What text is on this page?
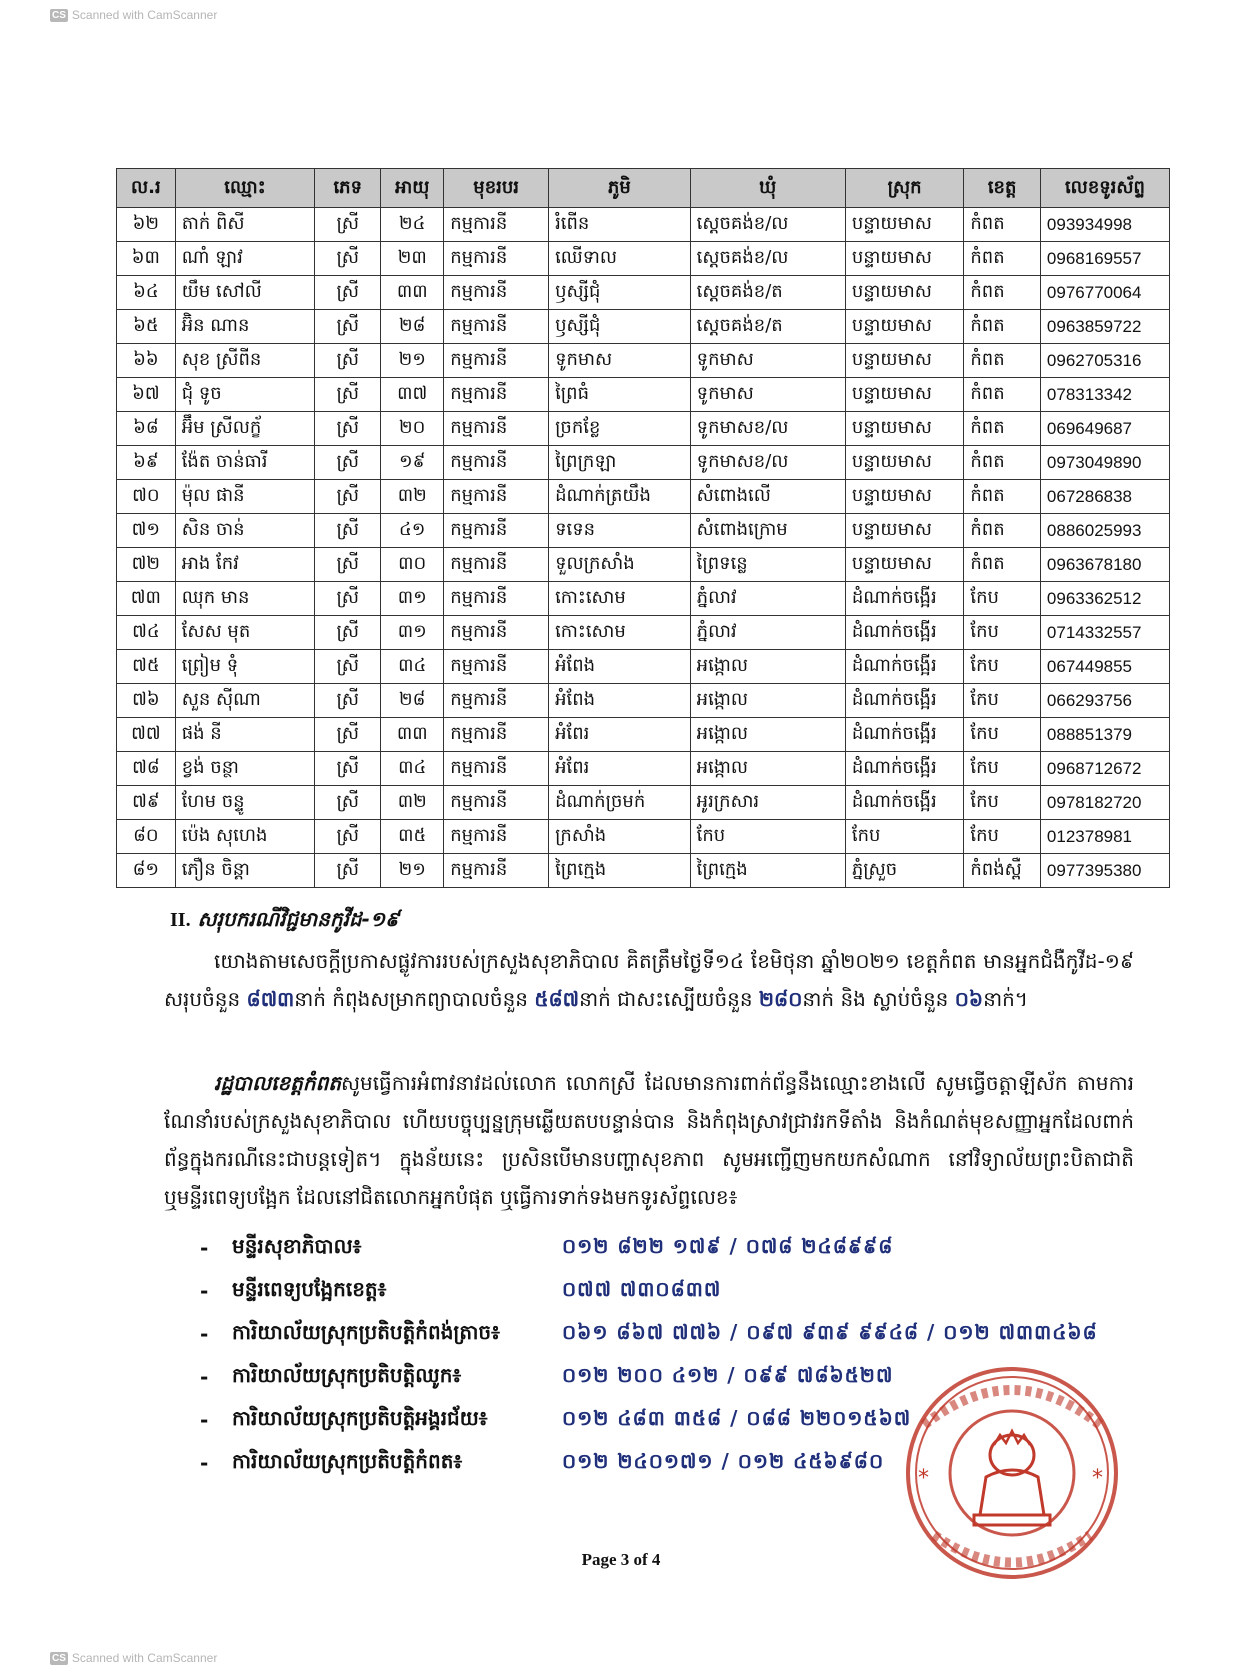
CS Scanned with CamScanner
ល.រ	ឈ្មោះ	ភេទ	អាយុ	មុខរបរ	ភូមិ	ឃុំ	ស្រុក	ខេត្ត	លេខទូរស័ព្ទ
៦២	តាក់ ពិសី	ស្រី	២៤	កម្មការនី	រំពើន	ស្តេចគង់ខ/ល	បន្ទាយមាស	កំពត	093934998
៦៣	ណាំ ឡាវ	ស្រី	២៣	កម្មការនី	ឈើទាល	ស្តេចគង់ខ/ល	បន្ទាយមាស	កំពត	0968169557
៦៤	យឹម សៅលី	ស្រី	៣៣	កម្មការនី	ឫស្សីជុំ	ស្តេចគង់ខ/ត	បន្ទាយមាស	កំពត	0976770064
៦៥	អ៊ិន ណាន	ស្រី	២៨	កម្មការនី	ឫស្សីជុំ	ស្តេចគង់ខ/ត	បន្ទាយមាស	កំពត	0963859722
៦៦	សុខ ស្រីពីន	ស្រី	២១	កម្មការនី	ទូកមាស	ទូកមាស	បន្ទាយមាស	កំពត	0962705316
៦៧	ជុំ ទូច	ស្រី	៣៧	កម្មការនី	ព្រៃធំ	ទូកមាស	បន្ទាយមាស	កំពត	078313342
៦៨	អ៊ឹម ស្រីលក្ខ័	ស្រី	២០	កម្មការនី	ច្រកខ្លែ	ទូកមាសខ/ល	បន្ទាយមាស	កំពត	069649687
៦៩	ង៉ែត ចាន់ធារី	ស្រី	១៩	កម្មការនី	ព្រៃក្រឡា	ទូកមាសខ/ល	បន្ទាយមាស	កំពត	0973049890
៧០	ម៉ុល ផានី	ស្រី	៣២	កម្មការនី	ដំណាក់ត្រយឹង	សំពោងលើ	បន្ទាយមាស	កំពត	067286838
៧១	សិន ចាន់	ស្រី	៤១	កម្មការនី	ទទេន	សំពោងក្រោម	បន្ទាយមាស	កំពត	0886025993
៧២	អាង កែវ	ស្រី	៣០	កម្មការនី	ទួលក្រសាំង	ព្រៃទន្លេ	បន្ទាយមាស	កំពត	0963678180
៧៣	ឈុក មាន	ស្រី	៣១	កម្មការនី	កោះសោម	ភ្នំលាវ	ដំណាក់ចង្អើរ	កែប	0963362512
៧៤	សែស មុត	ស្រី	៣១	កម្មការនី	កោះសោម	ភ្នំលាវ	ដំណាក់ចង្អើរ	កែប	0714332557
៧៥	ព្រៀម ទុំ	ស្រី	៣៤	កម្មការនី	អំពែង	អង្កោល	ដំណាក់ចង្អើរ	កែប	067449855
៧៦	សួន ស៊ីណា	ស្រី	២៨	កម្មការនី	អំពែង	អង្កោល	ដំណាក់ចង្អើរ	កែប	066293756
៧៧	ផង់ នី	ស្រី	៣៣	កម្មការនី	អំពែរ	អង្កោល	ដំណាក់ចង្អើរ	កែប	088851379
៧៨	ខ្វង់ ចន្ថា	ស្រី	៣៤	កម្មការនី	អំពែរ	អង្កោល	ដំណាក់ចង្អើរ	កែប	0968712672
៧៩	ហែម ចន្ទូ	ស្រី	៣២	កម្មការនី	ដំណាក់ច្រមក់	អូរក្រសារ	ដំណាក់ចង្អើរ	កែប	0978182720
៨០	ប៉េង សុហេង	ស្រី	៣៥	កម្មការនី	ក្រសាំង	កែប	កែប	កែប	012378981
៨១	ភឿន ចិន្តា	ស្រី	២១	កម្មការនី	ព្រៃក្មេង	ព្រៃក្មេង	ភ្នំស្រួច	កំពង់ស្ពឺ	0977395380
II. សរុបករណីវិជ្ជមានកូវីដ-១៩
យោងតាមសេចក្តីប្រកាសផ្លូវការរបស់ក្រសួងសុខាភិបាល គិតត្រឹមថ្ងៃទី១៤ ខែមិថុនា ឆ្នាំ២០២១ ខេត្តកំពត មានអ្នកជំងឺកូវីដ-១៩ សរុបចំនួន ៨៧៣នាក់ កំពុងសម្រាកព្យាបាលចំនួន ៥៨៧នាក់ ជាសះស្បើយចំនួន ២៨០នាក់ និង ស្លាប់ចំនួន ០៦នាក់។
រដ្ឋបាលខេត្តកំពតសូមធ្វើការអំពាវនាវដល់លោក លោកស្រី ដែលមានការពាក់ព័ន្ធនឹងឈ្មោះខាងលើ សូមធ្វើចត្តាឡីស័ក តាមការណែនាំរបស់ក្រសួងសុខាភិបាល ហើយបច្ចុប្បន្នក្រុមឆ្លើយតបបន្ទាន់បាន និងកំពុងស្រាវជ្រាវរកទីតាំង និងកំណត់មុខសញ្ញាអ្នកដែលពាក់ព័ន្ធក្នុងករណីនេះជាបន្តទៀត។ ក្នុងន័យនេះ ប្រសិនបើមានបញ្ហាសុខភាព សូមអញ្ជើញមកយកសំណាក នៅវិទ្យាល័យព្រះបិតាជាតិ ឬមន្ទីរពេទ្យបង្អែក ដែលនៅជិតលោកអ្នកបំផុត ឬធ្វើការទាក់ទងមកទូរស័ព្ទលេខ៖
-	មន្ទីរសុខាភិបាល៖	០១២ ៨២២ ១៧៩ / ០៧៨ ២៤៨៩៩៨
-	មន្ទីរពេទ្យបង្អែកខេត្ត៖	០៧៧ ៧៣០៨៣៧
-	ការិយាល័យស្រុកប្រតិបត្តិកំពង់ត្រាច៖	០៦១ ៨៦៧ ៧៧៦ / ០៩៧ ៩៣៩ ៩៩៤៨ / ០១២ ៧៣៣៤៦៨
-	ការិយាល័យស្រុកប្រតិបត្តិឈូក៖	០១២ ២០០ ៤១២ / ០៩៩ ៧៨៦៥២៧
-	ការិយាល័យស្រុកប្រតិបត្តិអង្គរជ័យ៖	០១២ ៤៨៣ ៣៥៨ / ០៨៨ ២២០១៥៦៧
-	ការិយាល័យស្រុកប្រតិបត្តិកំពត៖	០១២ ២៤០១៧១ / ០១២ ៤៥៦៩៨០
*	*
Page 3 of 4
CS Scanned with CamScanner
